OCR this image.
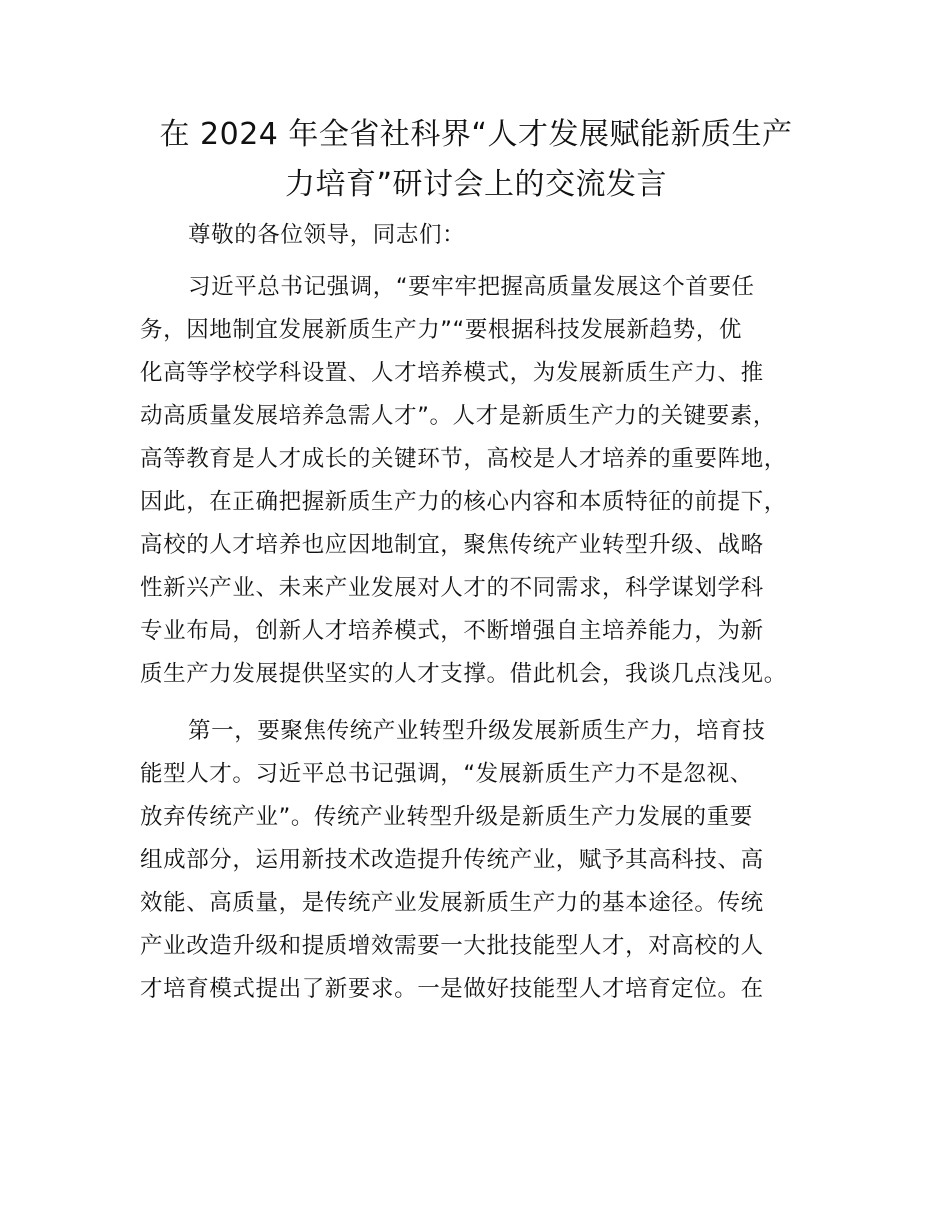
在 2024 年全省社科界“人才发展赋能新质生产
力培育”研讨会上的交流发言
尊敬的各位领导，同志们：
习近平总书记强调，“要牢牢把握高质量发展这个首要任
务，因地制宜发展新质生产力”“要根据科技发展新趋势，优
化高等学校学科设置、人才培养模式，为发展新质生产力、推
动高质量发展培养急需人才”。人才是新质生产力的关键要素，
高等教育是人才成长的关键环节，高校是人才培养的重要阵地，
因此，在正确把握新质生产力的核心内容和本质特征的前提下，
高校的人才培养也应因地制宜，聚焦传统产业转型升级、战略
性新兴产业、未来产业发展对人才的不同需求，科学谋划学科
专业布局，创新人才培养模式，不断增强自主培养能力，为新
质生产力发展提供坚实的人才支撑。借此机会，我谈几点浅见。
第一，要聚焦传统产业转型升级发展新质生产力，培育技
能型人才。习近平总书记强调，“发展新质生产力不是忽视、
放弃传统产业”。传统产业转型升级是新质生产力发展的重要
组成部分，运用新技术改造提升传统产业，赋予其高科技、高
效能、高质量，是传统产业发展新质生产力的基本途径。传统
产业改造升级和提质增效需要一大批技能型人才，对高校的人
才培育模式提出了新要求。一是做好技能型人才培育定位。在
